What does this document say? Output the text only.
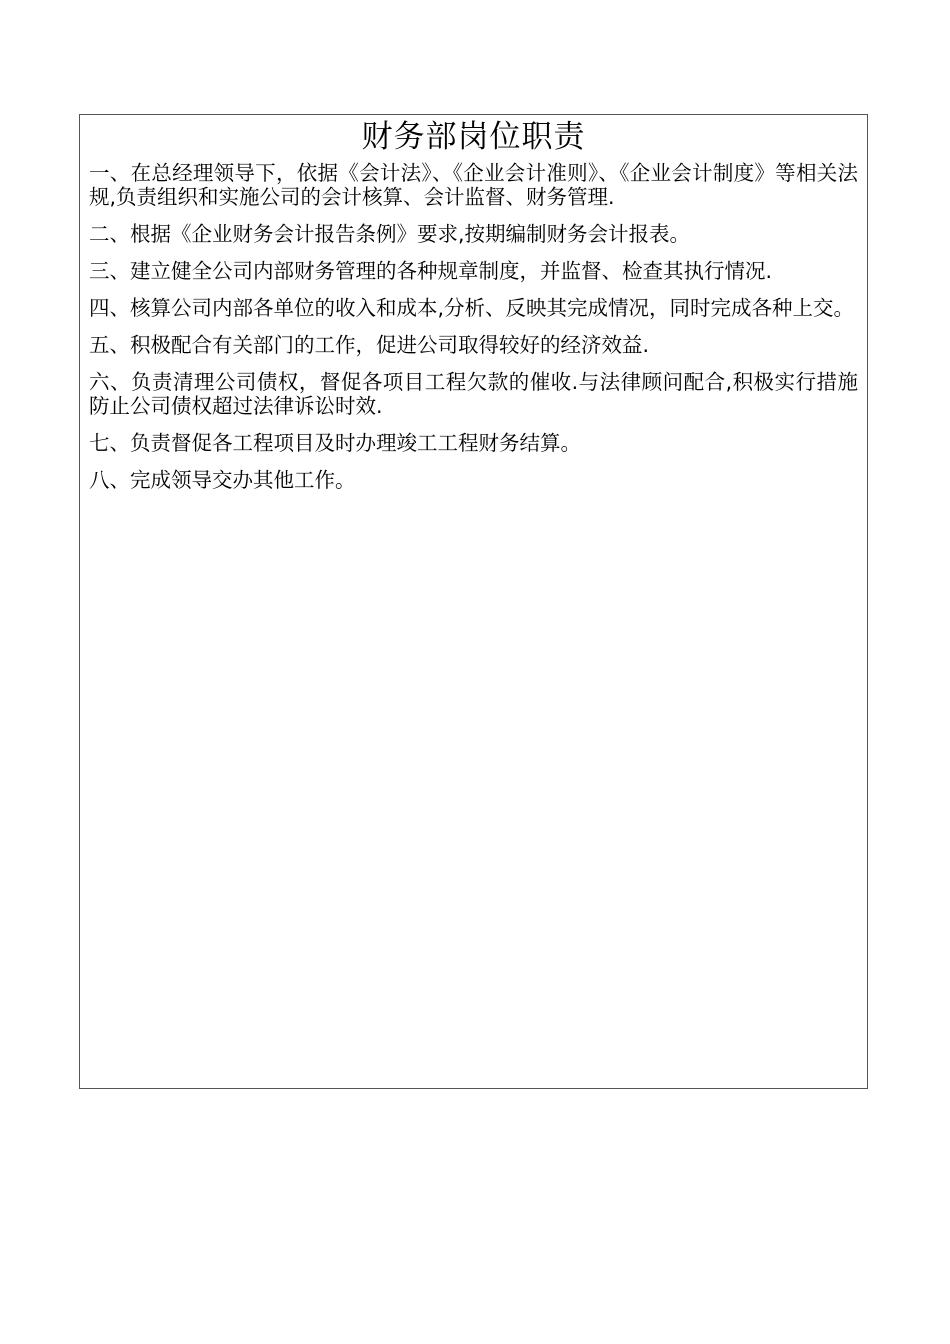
财务部岗位职责

一、在总经理领导下，依据《会计法》、《企业会计准则》、《企业会计制度》等相关法规,负责组织和实施公司的会计核算、会计监督、财务管理.

二、根据《企业财务会计报告条例》要求,按期编制财务会计报表。

三、建立健全公司内部财务管理的各种规章制度，并监督、检查其执行情况.

四、核算公司内部各单位的收入和成本,分析、反映其完成情况，同时完成各种上交。

五、积极配合有关部门的工作，促进公司取得较好的经济效益.

六、负责清理公司债权，督促各项目工程欠款的催收.与法律顾问配合,积极实行措施防止公司债权超过法律诉讼时效.

七、负责督促各工程项目及时办理竣工工程财务结算。

八、完成领导交办其他工作。
